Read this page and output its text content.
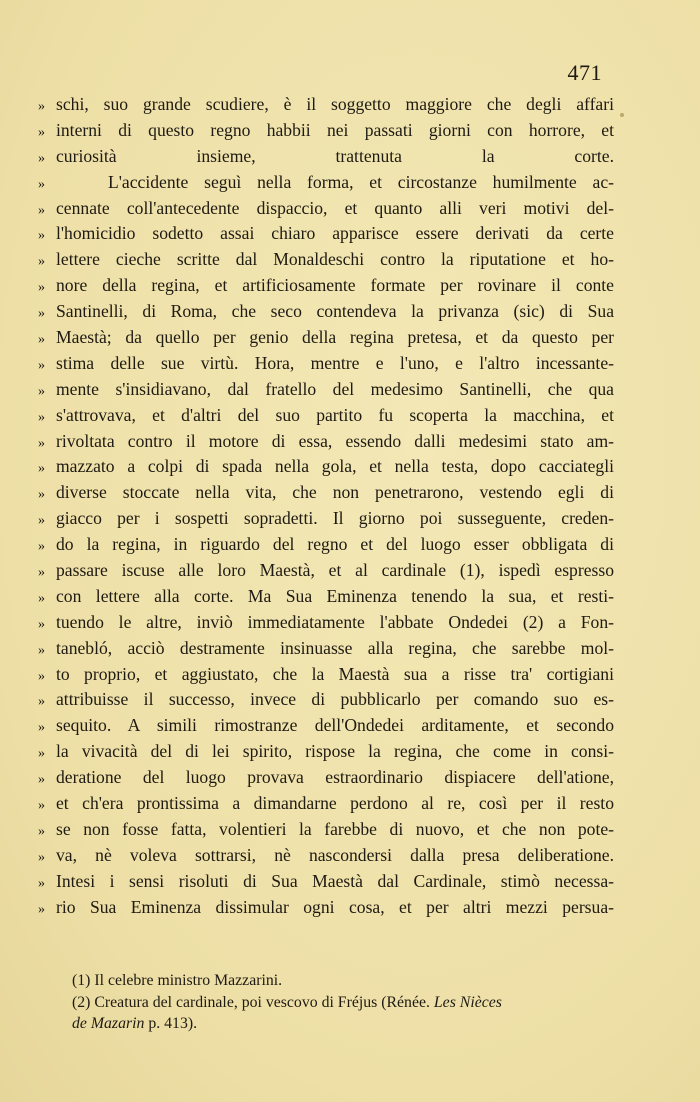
471
» schi, suo grande scudiere, è il soggetto maggiore che degli affari
» interni di questo regno habbii nei passati giorni con horrore, et
» curiosità insieme, trattenuta la corte.
»	L'accidente seguì nella forma, et circostanze humilmente ac-
» cennate coll'antecedente dispaccio, et quanto alli veri motivi del-
» l'homicidio sodetto assai chiaro apparisce essere derivati da certe
» lettere cieche scritte dal Monaldeschi contro la riputatione et ho-
» nore della regina, et artificiosamente formate per rovinare il conte
» Santinelli, di Roma, che seco contendeva la privanza (sic) di Sua
» Maestà; da quello per genio della regina pretesa, et da questo per
» stima delle sue virtù. Hora, mentre e l'uno, e l'altro incessante-
» mente s'insidiavano, dal fratello del medesimo Santinelli, che qua
» s'attrovava, et d'altri del suo partito fu scoperta la macchina, et
» rivoltata contro il motore di essa, essendo dalli medesimi stato am-
» mazzato a colpi di spada nella gola, et nella testa, dopo cacciategli
» diverse stoccate nella vita, che non penetrarono, vestendo egli di
» giacco per i sospetti sopradetti. Il giorno poi susseguente, creden-
» do la regina, in riguardo del regno et del luogo esser obbligata di
» passare iscuse alle loro Maestà, et al cardinale (1), ispedì espresso
» con lettere alla corte. Ma Sua Eminenza tenendo la sua, et resti-
» tuendo le altre, inviò immediatamente l'abbate Ondedei (2) a Fon-
» tanebló, acciò destramente insinuasse alla regina, che sarebbe mol-
» to proprio, et aggiustato, che la Maestà sua a risse tra' cortigiani
» attribuisse il successo, invece di pubblicarlo per comando suo es-
» sequito. A simili rimostranze dell'Ondedei arditamente, et secondo
» la vivacità del di lei spirito, rispose la regina, che come in consi-
» deratione del luogo provava estraordinario dispiacere dell'atione,
» et ch'era prontissima a dimandarne perdono al re, così per il resto
» se non fosse fatta, volentieri la farebbe di nuovo, et che non pote-
» va, nè voleva sottrarsi, nè nascondersi dalla presa deliberatione.
» Intesi i sensi risoluti di Sua Maestà dal Cardinale, stimò necessa-
» rio Sua Eminenza dissimular ogni cosa, et per altri mezzi persua-
(1) Il celebre ministro Mazzarini.
(2) Creatura del cardinale, poi vescovo di Fréjus (Rénée. Les Nièces
de Mazarin p. 413).
